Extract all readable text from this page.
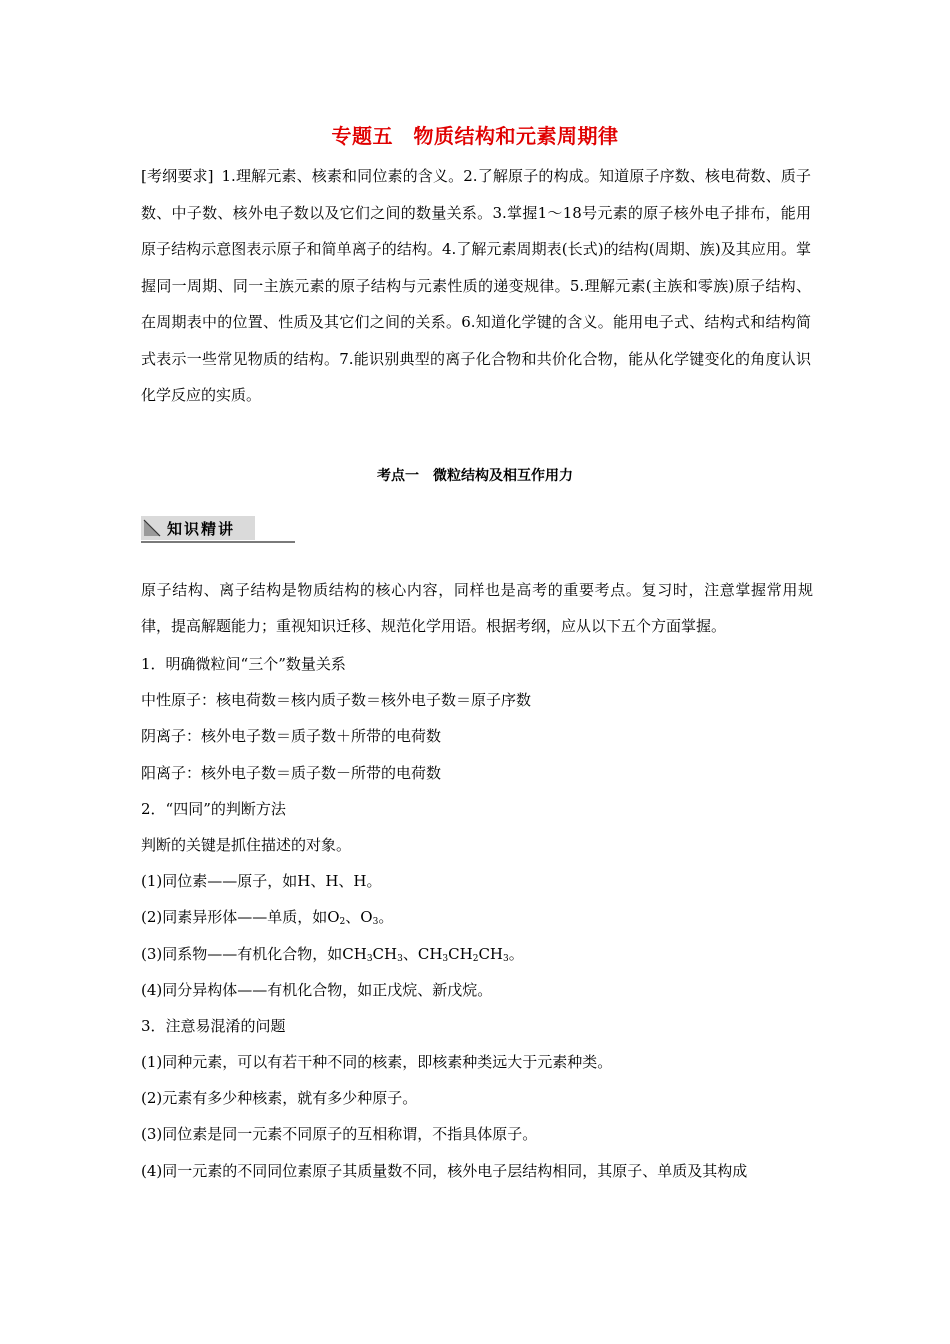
专题五　物质结构和元素周期律
[考纲要求] 1.理解元素、核素和同位素的含义。2.了解原子的构成。知道原子序数、核电荷数、质子数、中子数、核外电子数以及它们之间的数量关系。3.掌握1～18号元素的原子核外电子排布，能用原子结构示意图表示原子和简单离子的结构。4.了解元素周期表(长式)的结构(周期、族)及其应用。掌握同一周期、同一主族元素的原子结构与元素性质的递变规律。5.理解元素(主族和零族)原子结构、在周期表中的位置、性质及其它们之间的关系。6.知道化学键的含义。能用电子式、结构式和结构简式表示一些常见物质的结构。7.能识别典型的离子化合物和共价化合物，能从化学键变化的角度认识化学反应的实质。
考点一　微粒结构及相互作用力
知识精讲
原子结构、离子结构是物质结构的核心内容，同样也是高考的重要考点。复习时，注意掌握常用规律，提高解题能力；重视知识迁移、规范化学用语。根据考纲，应从以下五个方面掌握。
1．明确微粒间“三个”数量关系
中性原子：核电荷数＝核内质子数＝核外电子数＝原子序数
阴离子：核外电子数＝质子数＋所带的电荷数
阳离子：核外电子数＝质子数－所带的电荷数
2．“四同”的判断方法
判断的关键是抓住描述的对象。
(1)同位素——原子，如H、H、H。
(2)同素异形体——单质，如$O_2$、$O_3$。
(3)同系物——有机化合物，如$CH_3CH_3$、$CH_3CH_2CH_3$。
(4)同分异构体——有机化合物，如正戊烷、新戊烷。
3．注意易混淆的问题
(1)同种元素，可以有若干种不同的核素，即核素种类远大于元素种类。
(2)元素有多少种核素，就有多少种原子。
(3)同位素是同一元素不同原子的互相称谓，不指具体原子。
(4)同一元素的不同同位素原子其质量数不同，核外电子层结构相同，其原子、单质及其构成
